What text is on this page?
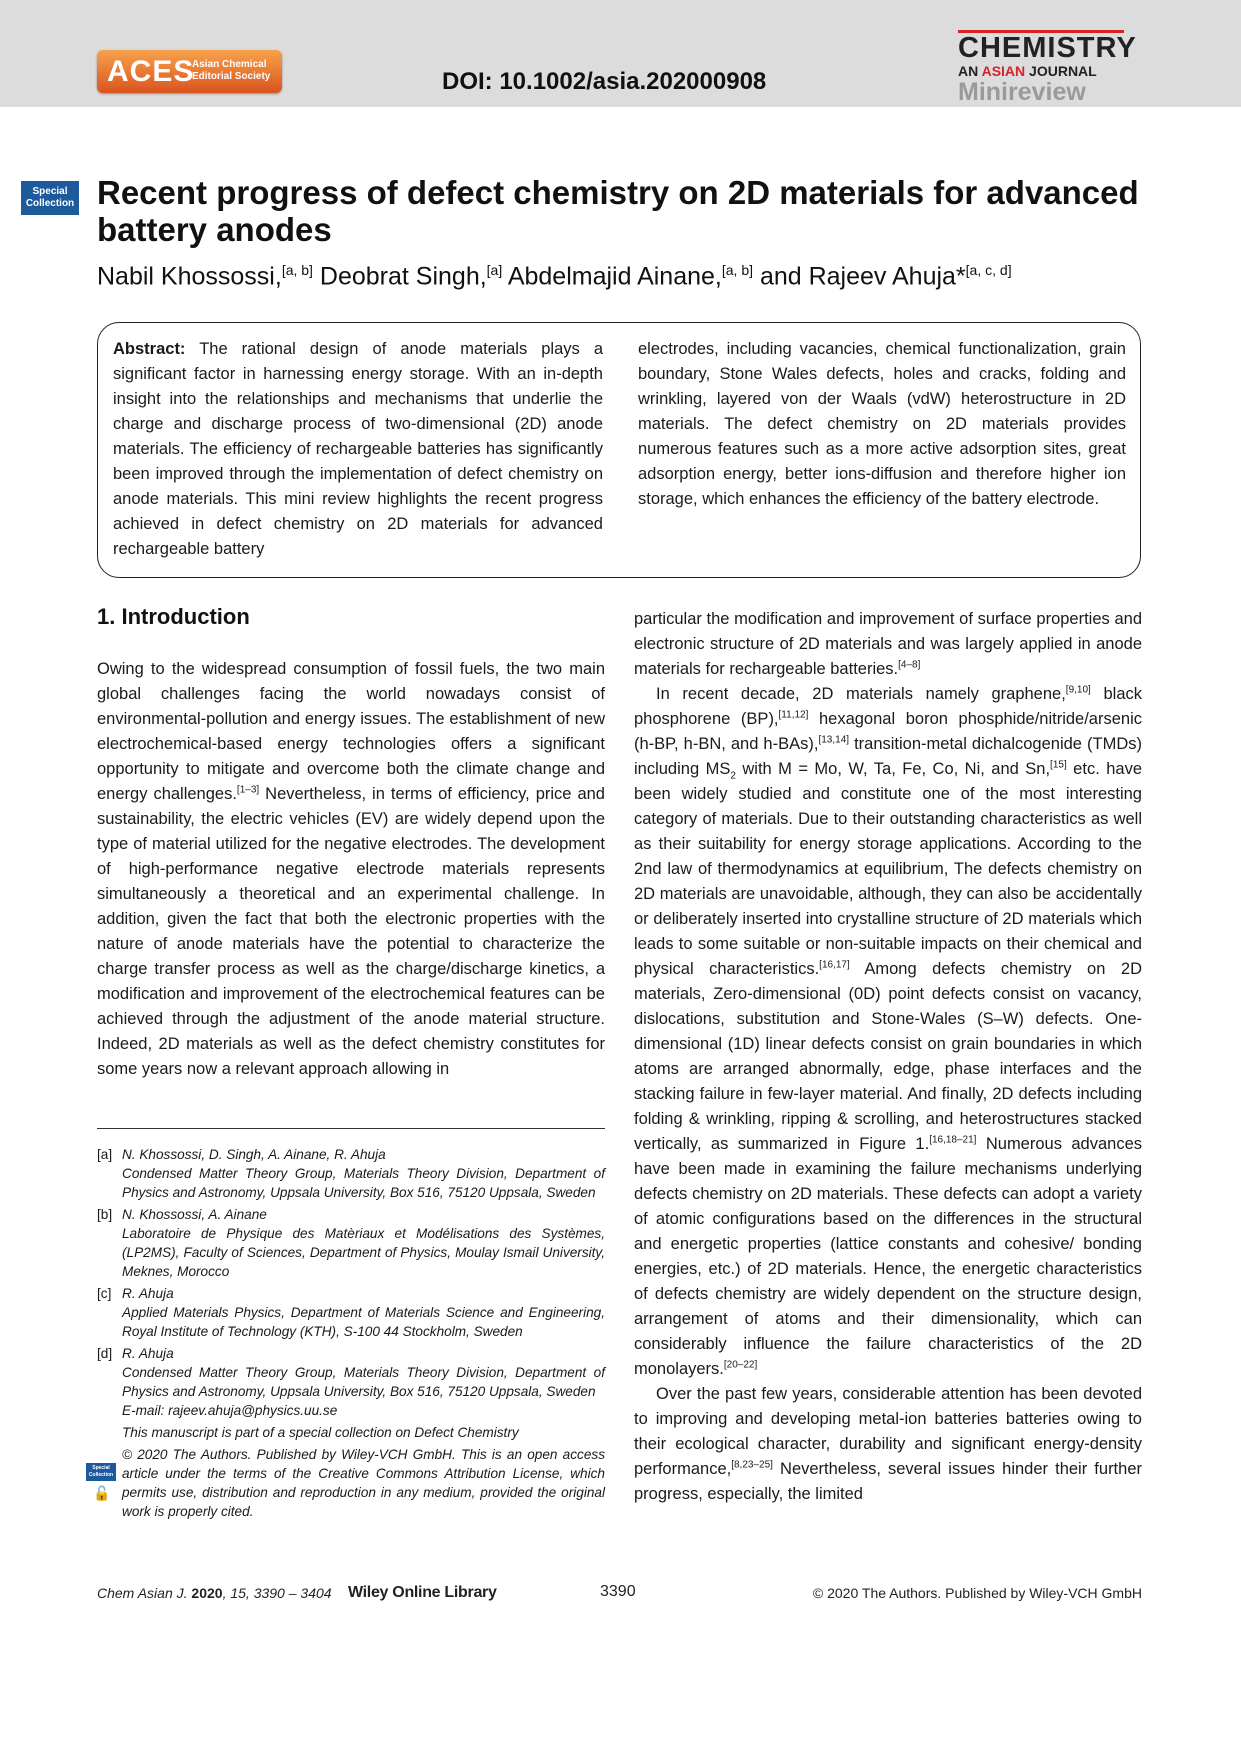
ACES
Asian Chemical
Editorial Society	DOI: 10.1002/asia.202000908
CHEMISTRY
AN ASIAN JOURNAL
Minireview
Special
Collection Recent progress of defect chemistry on 2D materials for advanced battery anodes
Nabil Khossossi,[a, b] Deobrat Singh,[a] Abdelmajid Ainane,[a, b] and Rajeev Ahuja*[a, c, d]
Abstract: The rational design of anode materials plays a significant factor in harnessing energy storage. With an in-depth insight into the relationships and mechanisms that underlie the charge and discharge process of two-dimensional (2D) anode materials. The efficiency of rechargeable batteries has significantly been improved through the implementation of defect chemistry on anode materials. This mini review highlights the recent progress achieved in defect chemistry on 2D materials for advanced rechargeable battery
electrodes, including vacancies, chemical functionalization, grain boundary, Stone Wales defects, holes and cracks, folding and wrinkling, layered von der Waals (vdW) heterostructure in 2D materials. The defect chemistry on 2D materials provides numerous features such as a more active adsorption sites, great adsorption energy, better ions-diffusion and therefore higher ion storage, which enhances the efficiency of the battery electrode.
1. Introduction

Owing to the widespread consumption of fossil fuels, the two main global challenges facing the world nowadays consist of environmental-pollution and energy issues. The establishment of new electrochemical-based energy technologies offers a significant opportunity to mitigate and overcome both the climate change and energy challenges.[1–3] Nevertheless, in terms of efficiency, price and sustainability, the electric vehicles (EV) are widely depend upon the type of material utilized for the negative electrodes. The development of high-performance negative electrode materials represents simultaneously a theoretical and an experimental challenge. In addition, given the fact that both the electronic properties with the nature of anode materials have the potential to characterize the charge transfer process as well as the charge/discharge kinetics, a modification and improvement of the electrochemical features can be achieved through the adjustment of the anode material structure. Indeed, 2D materials as well as the defect chemistry constitutes for some years now a relevant approach allowing in

particular the modification and improvement of surface properties and electronic structure of 2D materials and was largely applied in anode materials for rechargeable batteries.[4–8]

In recent decade, 2D materials namely graphene,[9,10] black phosphorene (BP),[11,12] hexagonal boron phosphide/nitride/arsenic (h-BP, h-BN, and h-BAs),[13,14] transition-metal dichalcogenide (TMDs) including $MS_2$ with M = Mo, W, Ta, Fe, Co, Ni, and Sn,[15] etc. have been widely studied and constitute one of the most interesting category of materials. Due to their outstanding characteristics as well as their suitability for energy storage applications. According to the 2nd law of thermodynamics at equilibrium, The defects chemistry on 2D materials are unavoidable, although, they can also be accidentally or deliberately inserted into crystalline structure of 2D materials which leads to some suitable or non-suitable impacts on their chemical and physical characteristics.[16,17] Among defects chemistry on 2D materials, Zero-dimensional (0D) point defects consist on vacancy, dislocations, substitution and Stone-Wales (S–W) defects. One-dimensional (1D) linear defects consist on grain boundaries in which atoms are arranged abnormally, edge, phase interfaces and the stacking failure in few-layer material. And finally, 2D defects including folding & wrinkling, ripping & scrolling, and heterostructures stacked vertically, as summarized in Figure 1.[16,18–21] Numerous advances have been made in examining the failure mechanisms underlying defects chemistry on 2D materials. These defects can adopt a variety of atomic configurations based on the differences in the structural and energetic properties (lattice constants and cohesive/ bonding energies, etc.) of 2D materials. Hence, the energetic characteristics of defects chemistry are widely dependent on the structure design, arrangement of atoms and their dimensionality, which can considerably influence the failure characteristics of the 2D monolayers.[20–22]

Over the past few years, considerable attention has been devoted to improving and developing metal-ion batteries batteries owing to their ecological character, durability and significant energy-density performance,[8,23–25] Nevertheless, several issues hinder their further progress, especially, the limited

[a] N. Khossossi, D. Singh, A. Ainane, R. Ahuja
Condensed Matter Theory Group, Materials Theory Division, Department of Physics and Astronomy, Uppsala University, Box 516, 75120 Uppsala, Sweden
[b] N. Khossossi, A. Ainane
Laboratoire de Physique des Matèriaux et Modélisations des Systèmes, (LP2MS), Faculty of Sciences, Department of Physics, Moulay Ismail University, Meknes, Morocco
[c] R. Ahuja
Applied Materials Physics, Department of Materials Science and Engineering, Royal Institute of Technology (KTH), S-100 44 Stockholm, Sweden
[d] R. Ahuja
Condensed Matter Theory Group, Materials Theory Division, Department of Physics and Astronomy, Uppsala University, Box 516, 75120 Uppsala, Sweden
E-mail: rajeev.ahuja@physics.uu.se
This manuscript is part of a special collection on Defect Chemistry
© 2020 The Authors. Published by Wiley-VCH GmbH. This is an open access article under the terms of the Creative Commons Attribution License, which permits use, distribution and reproduction in any medium, provided the original work is properly cited.
Special
Collection
🔓
Chem Asian J. 2020, 15, 3390 – 3404 Wiley Online Library	3390	© 2020 The Authors. Published by Wiley-VCH GmbH
